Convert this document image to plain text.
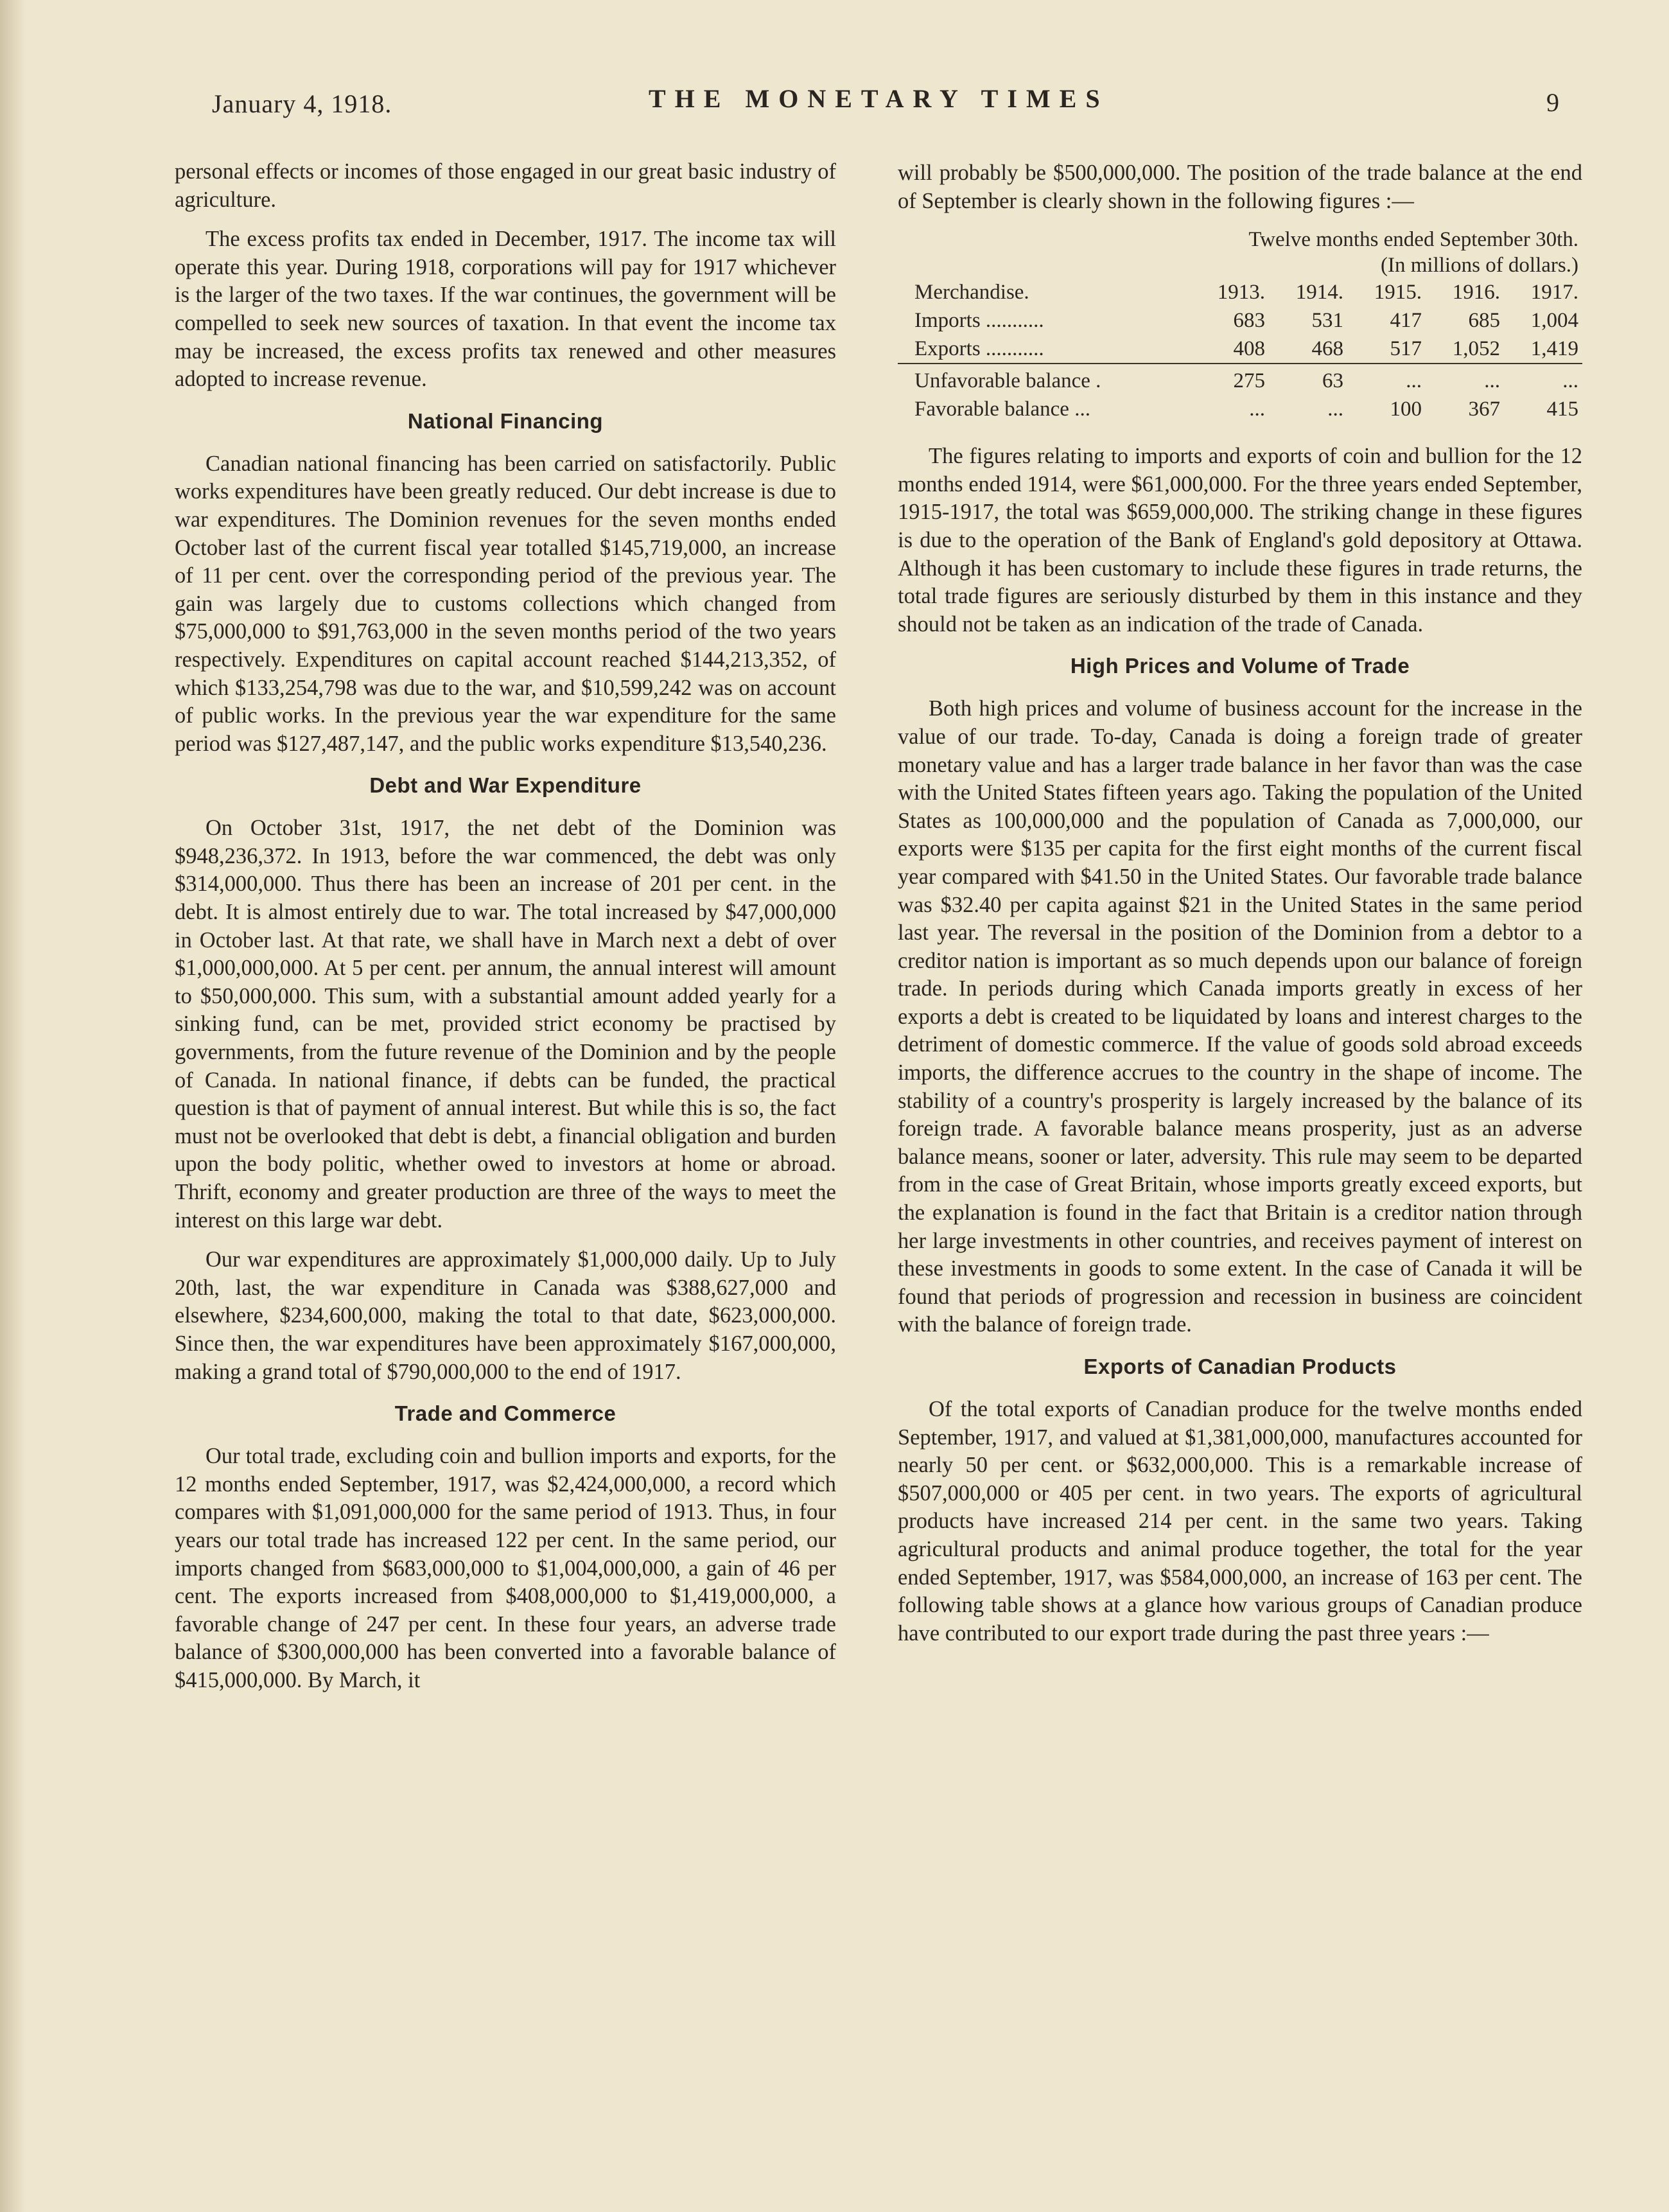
January 4, 1918.	THE MONETARY TIMES	9

personal effects or incomes of those engaged in our great basic industry of agriculture.

The excess profits tax ended in December, 1917. The income tax will operate this year. During 1918, corporations will pay for 1917 whichever is the larger of the two taxes. If the war continues, the government will be compelled to seek new sources of taxation. In that event the income tax may be increased, the excess profits tax renewed and other measures adopted to increase revenue.

National Financing

Canadian national financing has been carried on satisfactorily. Public works expenditures have been greatly reduced. Our debt increase is due to war expenditures. The Dominion revenues for the seven months ended October last of the current fiscal year totalled $145,719,000, an increase of 11 per cent. over the corresponding period of the previous year. The gain was largely due to customs collections which changed from $75,000,000 to $91,763,000 in the seven months period of the two years respectively. Expenditures on capital account reached $144,213,352, of which $133,254,798 was due to the war, and $10,599,242 was on account of public works. In the previous year the war expenditure for the same period was $127,487,147, and the public works expenditure $13,540,236.

Debt and War Expenditure

On October 31st, 1917, the net debt of the Dominion was $948,236,372. In 1913, before the war commenced, the debt was only $314,000,000. Thus there has been an increase of 201 per cent. in the debt. It is almost entirely due to war. The total increased by $47,000,000 in October last. At that rate, we shall have in March next a debt of over $1,000,000,000. At 5 per cent. per annum, the annual interest will amount to $50,000,000. This sum, with a substantial amount added yearly for a sinking fund, can be met, provided strict economy be practised by governments, from the future revenue of the Dominion and by the people of Canada. In national finance, if debts can be funded, the practical question is that of payment of annual interest. But while this is so, the fact must not be overlooked that debt is debt, a financial obligation and burden upon the body politic, whether owed to investors at home or abroad. Thrift, economy and greater production are three of the ways to meet the interest on this large war debt.

Our war expenditures are approximately $1,000,000 daily. Up to July 20th, last, the war expenditure in Canada was $388,627,000 and elsewhere, $234,600,000, making the total to that date, $623,000,000. Since then, the war expenditures have been approximately $167,000,000, making a grand total of $790,000,000 to the end of 1917.

Trade and Commerce

Our total trade, excluding coin and bullion imports and exports, for the 12 months ended September, 1917, was $2,424,000,000, a record which compares with $1,091,000,000 for the same period of 1913. Thus, in four years our total trade has increased 122 per cent. In the same period, our imports changed from $683,000,000 to $1,004,000,000, a gain of 46 per cent. The exports increased from $408,000,000 to $1,419,000,000, a favorable change of 247 per cent. In these four years, an adverse trade balance of $300,000,000 has been converted into a favorable balance of $415,000,000. By March, it

will probably be $500,000,000. The position of the trade balance at the end of September is clearly shown in the following figures :—

Twelve months ended September 30th.
(In millions of dollars.)
Merchandise.	1913.	1914.	1915.	1916.	1917.
Imports ...........	683	531	417	685	1,004
Exports ...........	408	468	517	1,052	1,419
Unfavorable balance .	275	63	...	...	...
Favorable balance ...	...	...	100	367	415

The figures relating to imports and exports of coin and bullion for the 12 months ended 1914, were $61,000,000. For the three years ended September, 1915-1917, the total was $659,000,000. The striking change in these figures is due to the operation of the Bank of England's gold depository at Ottawa. Although it has been customary to include these figures in trade returns, the total trade figures are seriously disturbed by them in this instance and they should not be taken as an indication of the trade of Canada.

High Prices and Volume of Trade

Both high prices and volume of business account for the increase in the value of our trade. To-day, Canada is doing a foreign trade of greater monetary value and has a larger trade balance in her favor than was the case with the United States fifteen years ago. Taking the population of the United States as 100,000,000 and the population of Canada as 7,000,000, our exports were $135 per capita for the first eight months of the current fiscal year compared with $41.50 in the United States. Our favorable trade balance was $32.40 per capita against $21 in the United States in the same period last year. The reversal in the position of the Dominion from a debtor to a creditor nation is important as so much depends upon our balance of foreign trade. In periods during which Canada imports greatly in excess of her exports a debt is created to be liquidated by loans and interest charges to the detriment of domestic commerce. If the value of goods sold abroad exceeds imports, the difference accrues to the country in the shape of income. The stability of a country's prosperity is largely increased by the balance of its foreign trade. A favorable balance means prosperity, just as an adverse balance means, sooner or later, adversity. This rule may seem to be departed from in the case of Great Britain, whose imports greatly exceed exports, but the explanation is found in the fact that Britain is a creditor nation through her large investments in other countries, and receives payment of interest on these investments in goods to some extent. In the case of Canada it will be found that periods of progression and recession in business are coincident with the balance of foreign trade.

Exports of Canadian Products

Of the total exports of Canadian produce for the twelve months ended September, 1917, and valued at $1,381,000,000, manufactures accounted for nearly 50 per cent. or $632,000,000. This is a remarkable increase of $507,000,000 or 405 per cent. in two years. The exports of agricultural products have increased 214 per cent. in the same two years. Taking agricultural products and animal produce together, the total for the year ended September, 1917, was $584,000,000, an increase of 163 per cent. The following table shows at a glance how various groups of Canadian produce have contributed to our export trade during the past three years :—
